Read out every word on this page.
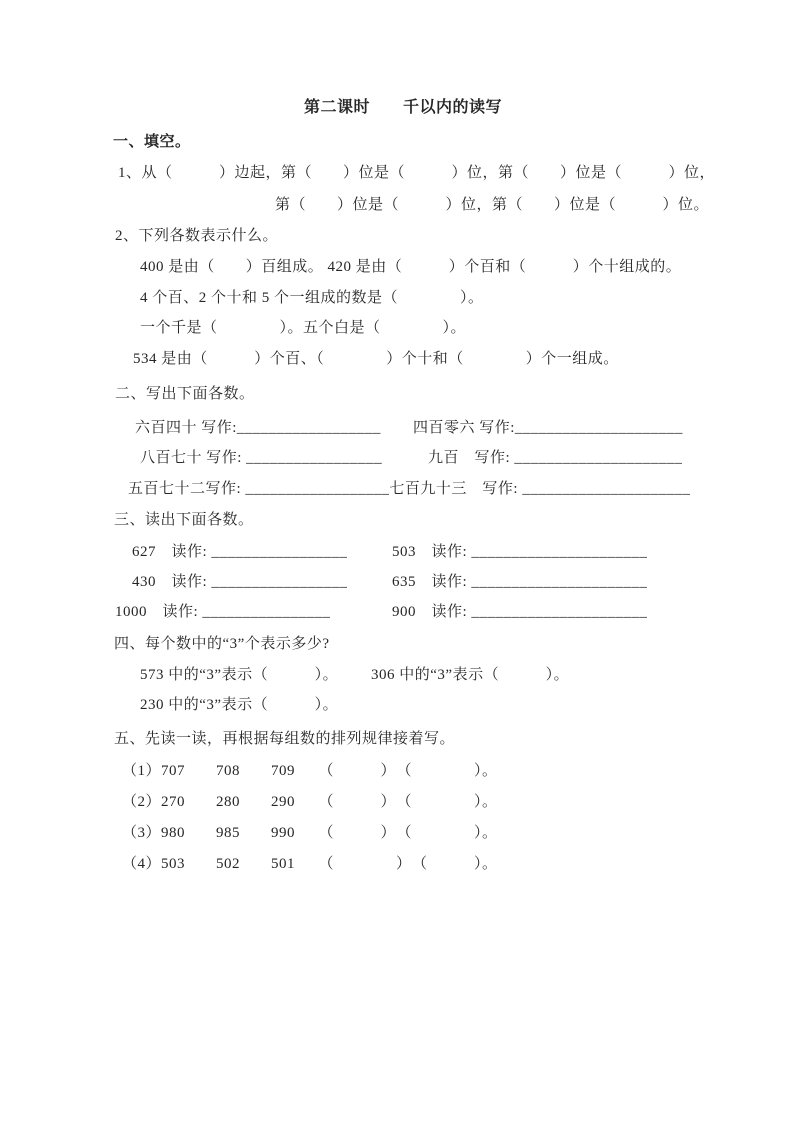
第二课时　　千以内的读写
一、填空。
1、从（　　　）边起，第（　　）位是（　　　）位，第（　　）位是（　　　）位，
第（　　）位是（　　　）位，第（　　）位是（　　　）位。
2、下列各数表示什么。
400 是由（　　）百组成。 420 是由（　　　）个百和（　　　）个十组成的。
4 个百、2 个十和 5 个一组成的数是（　　　　）。
一个千是（　　　　）。五个白是（　　　　）。
534 是由（　　　）个百、（　　　　）个十和（　　　　）个一组成。
二、写出下面各数。
六百四十 写作:__________________ 四百零六 写作:_____________________
八百七十 写作: _________________	九百　写作: _____________________
五百七十二写作: __________________七百九十三　写作: _____________________
三、读出下面各数。
627　读作: _________________	503　读作: ______________________
430　读作: _________________	635　读作: ______________________
1000　读作: ________________	900　读作: ______________________
四、每个数中的“3”个表示多少?
573 中的“3”表示（　　　）。 306 中的“3”表示（　　　）。
230 中的“3”表示（　　　）。
五、先读一读，再根据每组数的排列规律接着写。
（1）707　　708　　709　　（　　　）　（　　　　）。
（2）270　　280　　290　　（　　　）　（　　　　）。
（3）980　　985　　990　　（　　　）　（　　　　）。
（4）503　　502　　501　　（　　　　）　（　　　）。
